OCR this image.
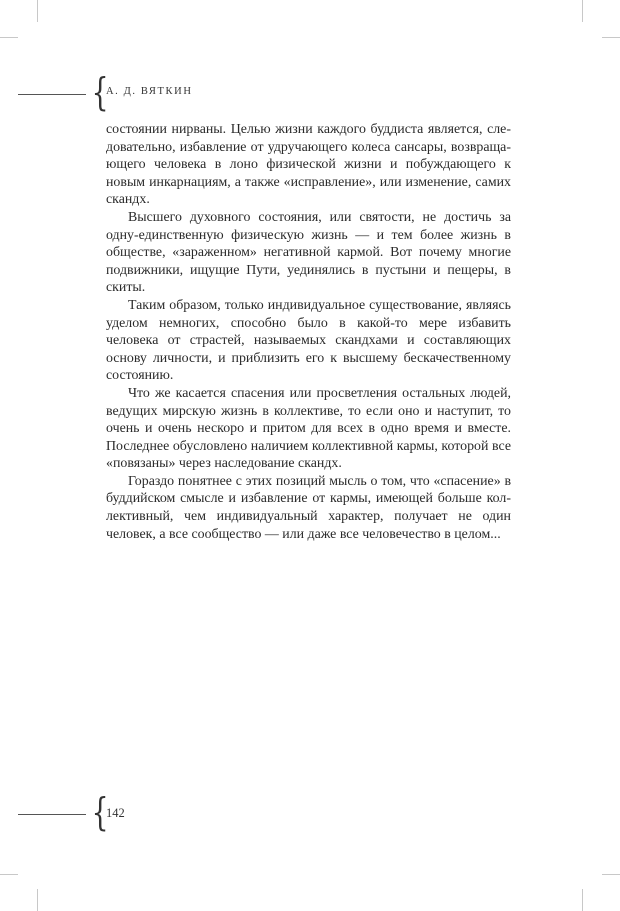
{
А. Д. ВЯТКИН

состоянии нирваны. Целью жизни каждого буддиста является, следовательно, избавление от удручающего колеса сансары, возвращающего человека в лоно физической жизни и побуждающего к новым инкарнациям, а также «исправление», или изменение, самих скандх.

Высшего духовного состояния, или святости, не достичь за одну-единственную физическую жизнь — и тем более жизнь в обществе, «зараженном» негативной кармой. Вот почему многие подвижники, ищущие Пути, уединялись в пустыни и пещеры, в скиты.

Таким образом, только индивидуальное существование, являясь уделом немногих, способно было в какой-то мере избавить человека от страстей, называемых скандхами и составляющих основу личности, и приблизить его к высшему бескачественному состоянию.

Что же касается спасения или просветления остальных людей, ведущих мирскую жизнь в коллективе, то если оно и наступит, то очень и очень нескоро и притом для всех в одно время и вместе. Последнее обусловлено наличием коллективной кармы, которой все «повязаны» через наследование скандх.

Гораздо понятнее с этих позиций мысль о том, что «спасение» в буддийском смысле и избавление от кармы, имеющей больше коллективный, чем индивидуальный характер, получает не один человек, а все сообщество — или даже все человечество в целом...

{
142
